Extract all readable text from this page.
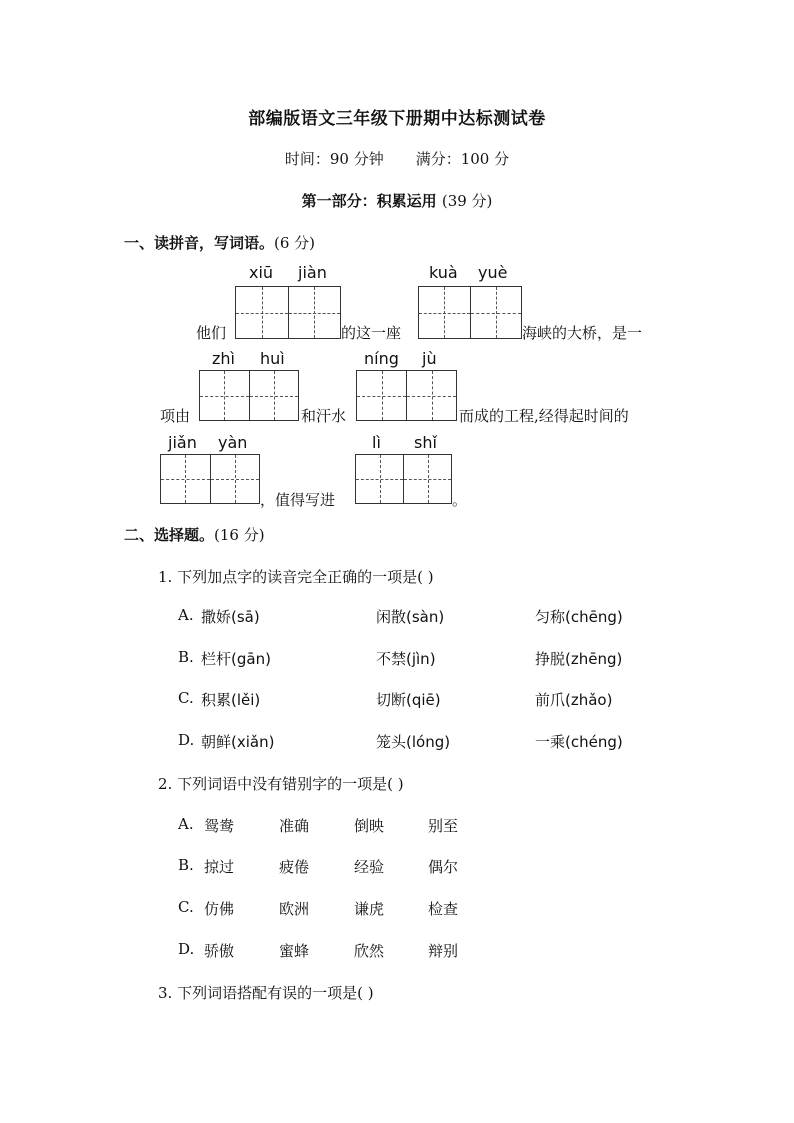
部编版语文三年级下册期中达标测试卷
时间：90 分钟 满分：100 分
第一部分：积累运用 (39 分)
一、读拼音，写词语。(6 分)
xiū jiàn	kuà yuè
他们	的这一座	海峡的大桥，是一
zhì huì	níng jù
项由	和汗水	而成的工程,经得起时间的
jiǎn yàn	lì shǐ
，值得写进	。
二、选择题。(16 分)
1. 下列加点字的读音完全正确的一项是( )
A. 撒娇(sā)	闲散(sàn)	匀称(chēng)
B. 栏杆(gān)	不禁(jìn)	挣脱(zhēng)
C. 积累(lěi)	切断(qiē)	前爪(zhǎo)
D. 朝鲜(xiǎn)	笼头(lóng)	一乘(chéng)
2. 下列词语中没有错别字的一项是( )
A. 鸳鸯	准确	倒映	别至
B. 掠过	疲倦	经验	偶尔
C. 仿佛	欧洲	谦虎	检查
D. 骄傲	蜜蜂	欣然	辩别
3. 下列词语搭配有误的一项是( )
